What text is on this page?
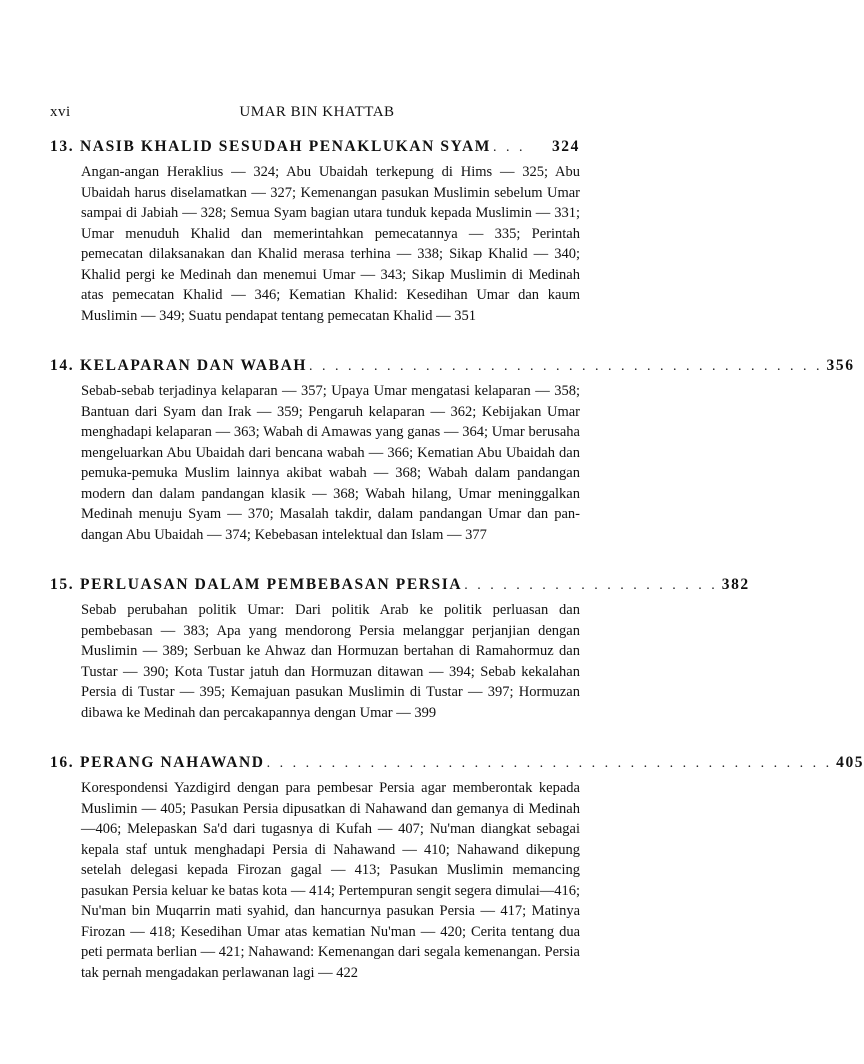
xvi	UMAR BIN KHATTAB
13. NASIB KHALID SESUDAH PENAKLUKAN SYAM . . .	324
Angan-angan Heraklius — 324; Abu Ubaidah terkepung di Hims — 325; Abu Ubaidah harus diselamatkan — 327; Kemenangan pasukan Muslimin sebelum Umar sampai di Jabiah — 328; Semua Syam bagian utara tunduk kepada Muslimin — 331; Umar menuduh Khalid dan memerintahkan pemecatannya — 335; Perintah pemecatan dilaksanakan dan Khalid merasa terhina — 338; Sikap Khalid — 340; Khalid pergi ke Medinah dan menemui Umar — 343; Sikap Muslimin di Medinah atas pemecatan Khalid — 346; Kematian Khalid: Kesedihan Umar dan kaum Muslimin — 349; Suatu pendapat tentang pemecatan Khalid — 351
14. KELAPARAN DAN WABAH . . . . . . . . . . . . . . . . . . . . . . . . . . . . . . . . . . . . . . . . 356
Sebab-sebab terjadinya kelaparan — 357; Upaya Umar mengatasi kelaparan — 358; Bantuan dari Syam dan Irak — 359; Pengaruh kelaparan — 362; Kebijakan Umar menghadapi kelaparan — 363; Wabah di Amawas yang ganas — 364; Umar berusaha mengeluarkan Abu Ubaidah dari bencana wabah — 366; Kematian Abu Ubaidah dan pemuka-pemuka Muslim lainnya akibat wabah — 368; Wabah dalam pandangan modern dan dalam pandangan klasik — 368; Wabah hilang, Umar meninggalkan Medinah menuju Syam — 370; Masalah takdir, dalam pandangan Umar dan pandangan Abu Ubaidah — 374; Kebebasan intelektual dan Islam — 377
15. PERLUASAN DALAM PEMBEBASAN PERSIA . . . . . . . . . . . . . . . . . . . . 382
Sebab perubahan politik Umar: Dari politik Arab ke politik perluasan dan pembebasan — 383; Apa yang mendorong Persia melanggar perjanjian dengan Muslimin — 389; Serbuan ke Ahwaz dan Hormuzan bertahan di Ramahormuz dan Tustar — 390; Kota Tustar jatuh dan Hormuzan ditawan — 394; Sebab kekalahan Persia di Tustar — 395; Kemajuan pasukan Muslimin di Tustar — 397; Hormuzan dibawa ke Medinah dan percakapannya dengan Umar — 399
16. PERANG NAHAWAND . . . . . . . . . . . . . . . . . . . . . . . . . . . . . . . . . . . . . . . . . . . . 405
Korespondensi Yazdigird dengan para pembesar Persia agar memberontak kepada Muslimin — 405; Pasukan Persia dipusatkan di Nahawand dan gemanya di Medinah —406; Melepaskan Sa'd dari tugasnya di Kufah — 407; Nu'man diangkat sebagai kepala staf untuk menghadapi Persia di Nahawand — 410; Nahawand dikepung setelah delegasi kepada Firozan gagal — 413; Pasukan Muslimin memancing pasukan Persia keluar ke batas kota — 414; Pertempuran sengit segera dimulai—416; Nu'man bin Muqarrin mati syahid, dan hancurnya pasukan Persia — 417; Matinya Firozan — 418; Kesedihan Umar atas kematian Nu'man — 420; Cerita tentang dua peti permata berlian — 421; Nahawand: Kemenangan dari segala kemenangan. Persia tak pernah mengadakan perlawanan lagi — 422
